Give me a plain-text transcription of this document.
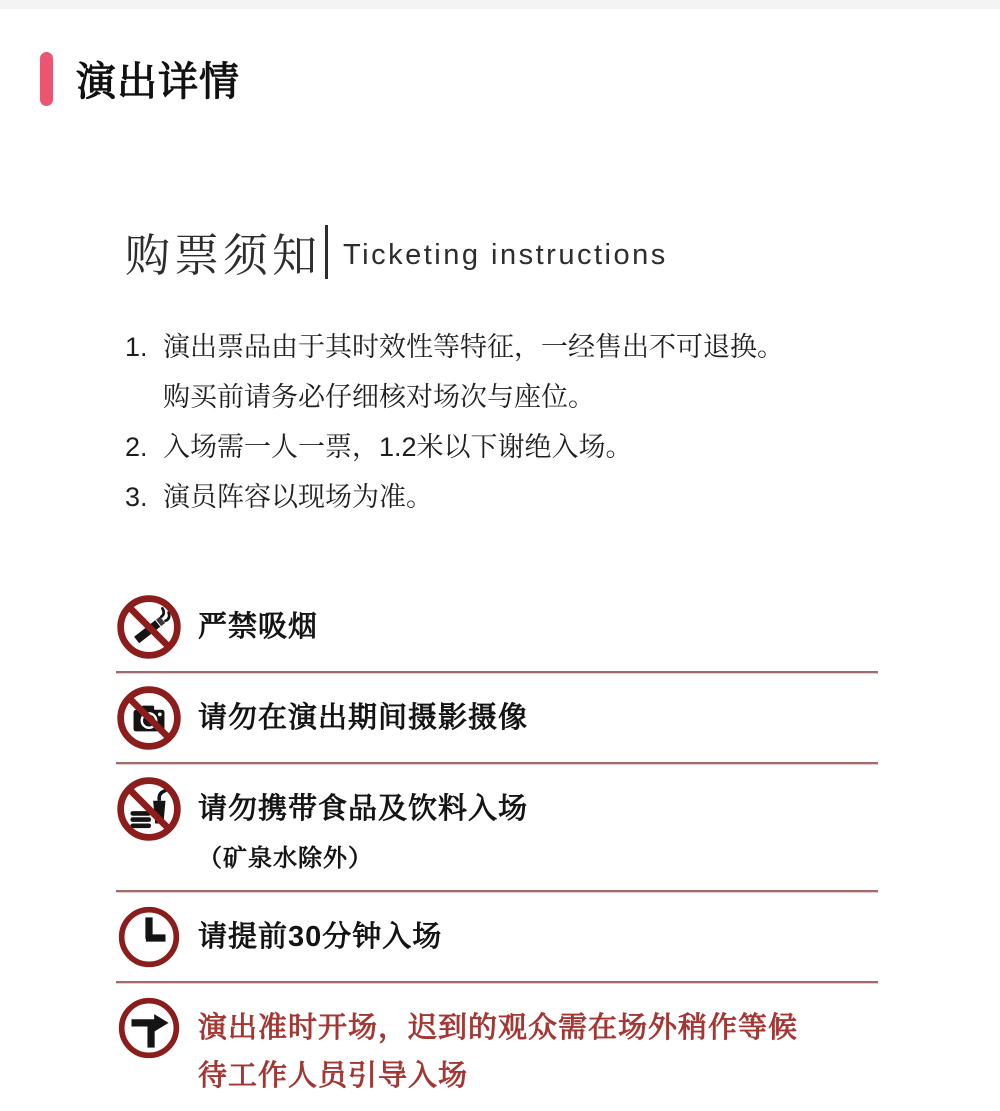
演出详情
购票须知 Ticketing instructions
1. 演出票品由于其时效性等特征，一经售出不可退换。
购买前请务必仔细核对场次与座位。
2. 入场需一人一票，1.2米以下谢绝入场。
3. 演员阵容以现场为准。
严禁吸烟
请勿在演出期间摄影摄像
请勿携带食品及饮料入场
（矿泉水除外）
请提前30分钟入场
演出准时开场，迟到的观众需在场外稍作等候
待工作人员引导入场
